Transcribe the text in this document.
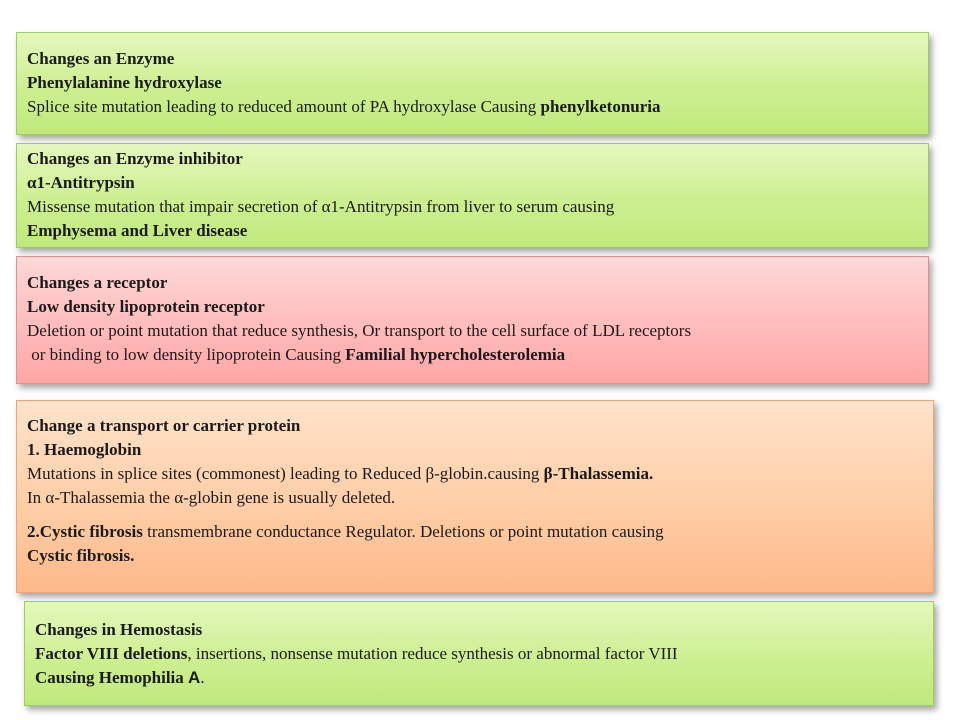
Changes an Enzyme

Phenylalanine hydroxylase

Splice site mutation leading to reduced amount of PA hydroxylase Causing phenylketonuria

Changes an Enzyme inhibitor

α1-Antitrypsin

Missense mutation that impair secretion of α1-Antitrypsin from liver to serum causing

Emphysema and Liver disease

Changes a receptor

Low density lipoprotein receptor

Deletion or point mutation that reduce synthesis, Or transport to the cell surface of LDL receptors

or binding to low density lipoprotein Causing Familial hypercholesterolemia

Change a transport or carrier protein

1. Haemoglobin

Mutations in splice sites (commonest) leading to Reduced β-globin.causing β-Thalassemia.

In α-Thalassemia the α-globin gene is usually deleted.

2.Cystic fibrosis transmembrane conductance Regulator. Deletions or point mutation causing

Cystic fibrosis.

Changes in Hemostasis

Factor VIII deletions, insertions, nonsense mutation reduce synthesis or abnormal factor VIII

Causing Hemophilia A.
